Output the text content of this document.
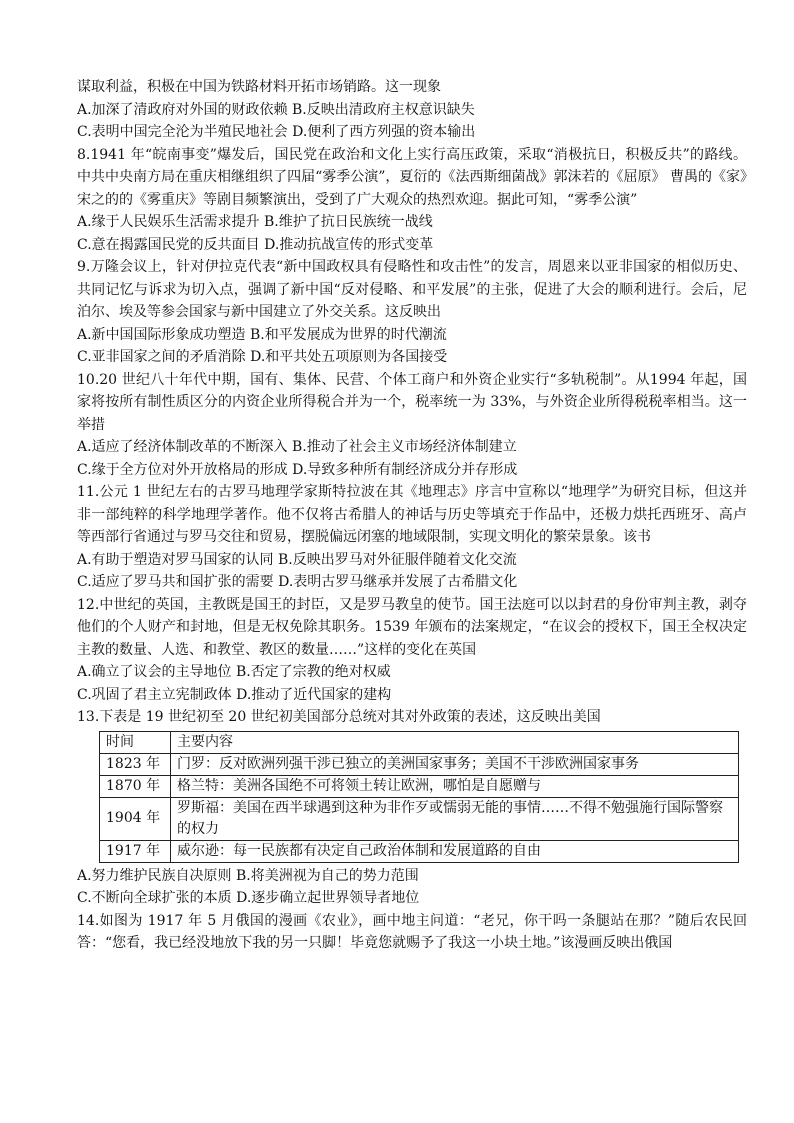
谋取利益，积极在中国为铁路材料开拓市场销路。这一现象
A.加深了清政府对外国的财政依赖 B.反映出清政府主权意识缺失
C.表明中国完全沦为半殖民地社会 D.便利了西方列强的资本输出
8.1941 年“皖南事变”爆发后，国民党在政治和文化上实行高压政策，采取“消极抗日，积极反共”的路线。中共中央南方局在重庆相继组织了四届“雾季公演”，夏衍的《法西斯细菌战》郭沫若的《屈原》 曹禺的《家》宋之的的《雾重庆》等剧目频繁演出，受到了广大观众的热烈欢迎。据此可知，“雾季公演”
A.缘于人民娱乐生活需求提升 B.维护了抗日民族统一战线
C.意在揭露国民党的反共面目 D.推动抗战宣传的形式变革
9.万隆会议上，针对伊拉克代表“新中国政权具有侵略性和攻击性”的发言，周恩来以亚非国家的相似历史、共同记忆与诉求为切入点，强调了新中国“反对侵略、和平发展”的主张，促进了大会的顺利进行。会后，尼泊尔、埃及等参会国家与新中国建立了外交关系。这反映出
A.新中国国际形象成功塑造 B.和平发展成为世界的时代潮流
C.亚非国家之间的矛盾消除 D.和平共处五项原则为各国接受
10.20 世纪八十年代中期，国有、集体、民营、个体工商户和外资企业实行“多轨税制”。从1994 年起，国家将按所有制性质区分的内资企业所得税合并为一个，税率统一为 33%，与外资企业所得税税率相当。这一举措
A.适应了经济体制改革的不断深入 B.推动了社会主义市场经济体制建立
C.缘于全方位对外开放格局的形成 D.导致多种所有制经济成分并存形成
11.公元 1 世纪左右的古罗马地理学家斯特拉波在其《地理志》序言中宣称以“地理学”为研究目标，但这并非一部纯粹的科学地理学著作。他不仅将古希腊人的神话与历史等填充于作品中，还极力烘托西班牙、高卢等西部行省通过与罗马交往和贸易，摆脱偏远闭塞的地域限制，实现文明化的繁荣景象。该书
A.有助于塑造对罗马国家的认同 B.反映出罗马对外征服伴随着文化交流
C.适应了罗马共和国扩张的需要 D.表明古罗马继承并发展了古希腊文化
12.中世纪的英国，主教既是国王的封臣，又是罗马教皇的使节。国王法庭可以以封君的身份审判主教，剥夺他们的个人财产和封地，但是无权免除其职务。1539 年颁布的法案规定，“在议会的授权下，国王全权决定主教的数量、人选、和教堂、教区的数量……”这样的变化在英国
A.确立了议会的主导地位 B.否定了宗教的绝对权威
C.巩固了君主立宪制政体 D.推动了近代国家的建构
13.下表是 19 世纪初至 20 世纪初美国部分总统对其对外政策的表述，这反映出美国
时间	主要内容
1823 年	门罗：反对欧洲列强干涉已独立的美洲国家事务；美国不干涉欧洲国家事务
1870 年	格兰特：美洲各国绝不可将领土转让欧洲，哪怕是自愿赠与
1904 年	罗斯福：美国在西半球遇到这种为非作歹或懦弱无能的事情……不得不勉强施行国际警察的权力
1917 年	威尔逊：每一民族都有决定自己政治体制和发展道路的自由
A.努力维护民族自决原则 B.将美洲视为自己的势力范围
C.不断向全球扩张的本质 D.逐步确立起世界领导者地位
14.如图为 1917 年 5 月俄国的漫画《农业》，画中地主问道：“老兄，你干吗一条腿站在那？”随后农民回答：“您看，我已经没地放下我的另一只脚！毕竟您就赐予了我这一小块土地。”该漫画反映出俄国
